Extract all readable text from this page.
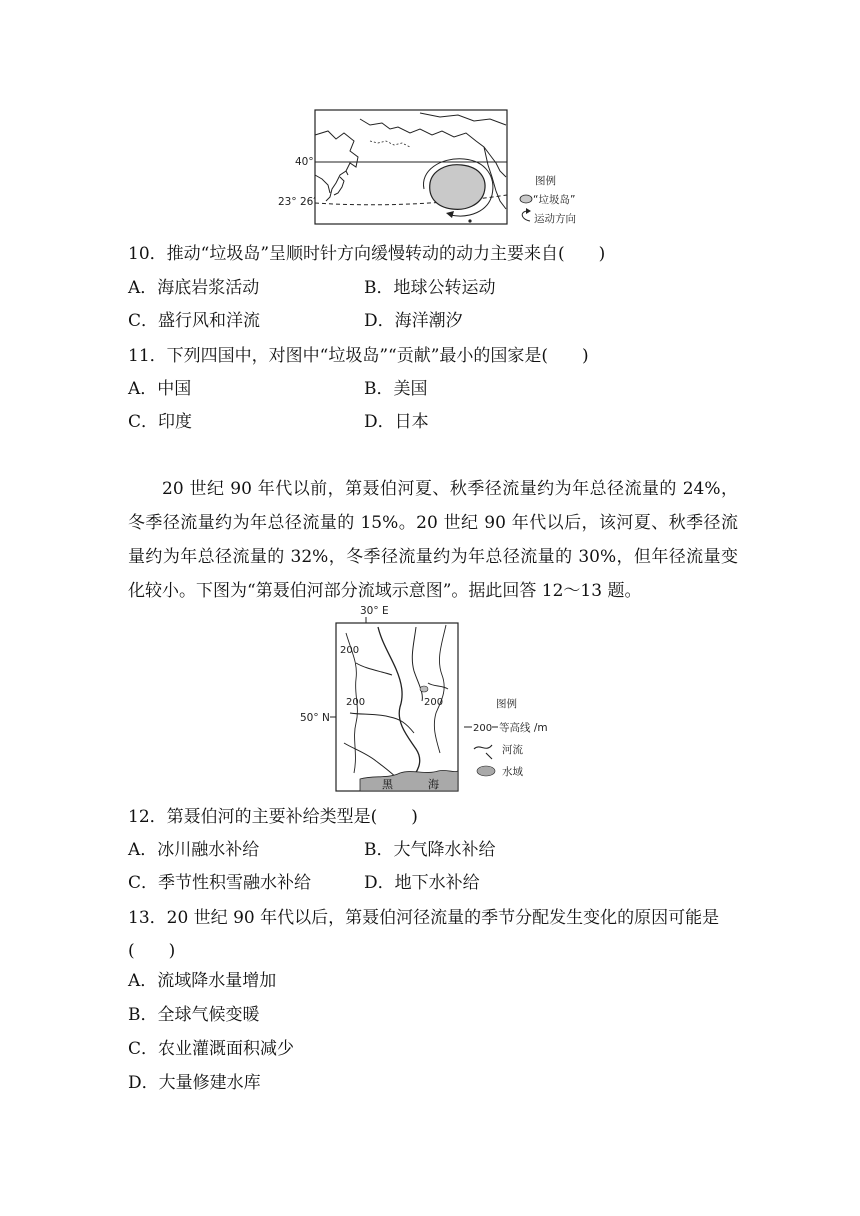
40°
23° 26′
图例
“垃圾岛”
运动方向
10．推动“垃圾岛”呈顺时针方向缓慢转动的动力主要来自(　　)
A．海底岩浆活动	B．地球公转运动
C．盛行风和洋流	D．海洋潮汐
11．下列四国中，对图中“垃圾岛”“贡献”最小的国家是(　　)
A．中国	B．美国
C．印度	D．日本
20 世纪 90 年代以前，第聂伯河夏、秋季径流量约为年总径流量的 24%，冬季径流量约为年总径流量的 15%。20 世纪 90 年代以后，该河夏、秋季径流量约为年总径流量的 32%，冬季径流量约为年总径流量的 30%，但年径流量变化较小。下图为“第聂伯河部分流域示意图”。据此回答 12～13 题。
30° E
50° N
200
200	200
黑	海
图例
200 等高线 /m
河流
水域
12．第聂伯河的主要补给类型是(　　)
A．冰川融水补给	B．大气降水补给
C．季节性积雪融水补给	D．地下水补给
13．20 世纪 90 年代以后，第聂伯河径流量的季节分配发生变化的原因可能是
(　　)
A．流域降水量增加
B．全球气候变暖
C．农业灌溉面积减少
D．大量修建水库
